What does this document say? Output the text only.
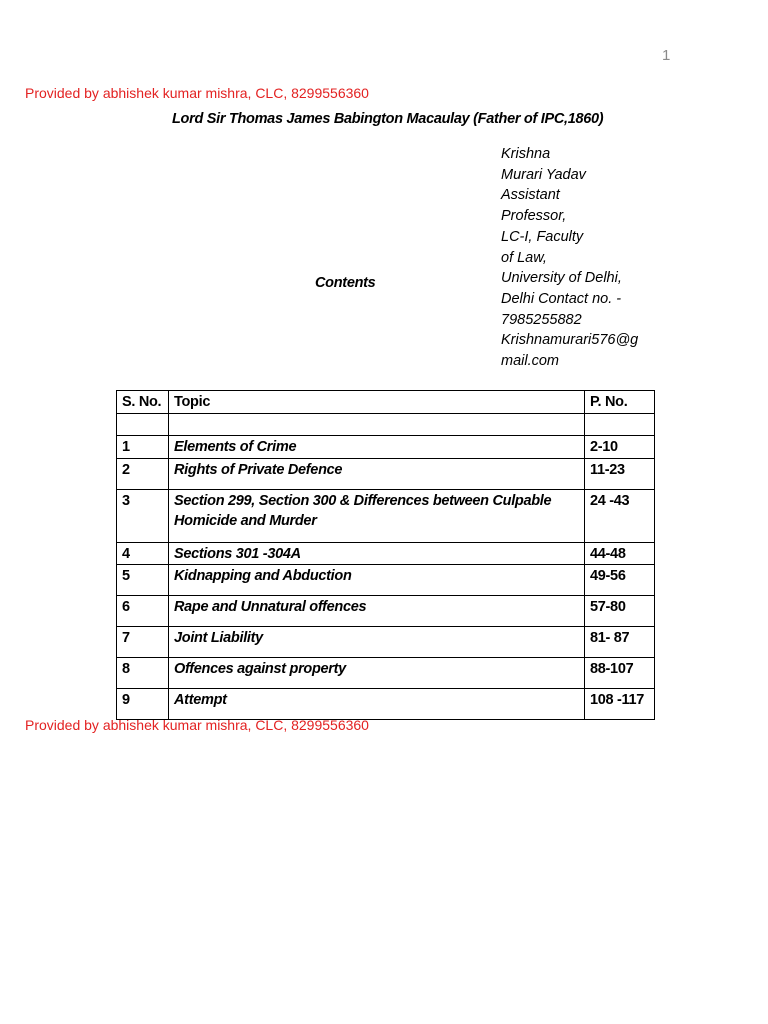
1
Provided by abhishek kumar mishra, CLC, 8299556360
Lord Sir Thomas James Babington Macaulay (Father of IPC,1860)
Krishna
Murari Yadav
Assistant
Professor,
LC-I, Faculty
of Law,
University of Delhi,
Delhi Contact no. -
7985255882
Krishnamurari576@g
mail.com
Contents
S. No.	Topic	P. No.

1	Elements of Crime	2-10
2	Rights of Private Defence	11-23
3	Section 299, Section 300 & Differences between Culpable Homicide and Murder	24 -43
4	Sections 301 -304A	44-48
5	Kidnapping and Abduction	49-56
6	Rape and Unnatural offences	57-80
7	Joint Liability	81- 87
8	Offences against property	88-107
9	Attempt	108 -117
Provided by abhishek kumar mishra, CLC, 8299556360
